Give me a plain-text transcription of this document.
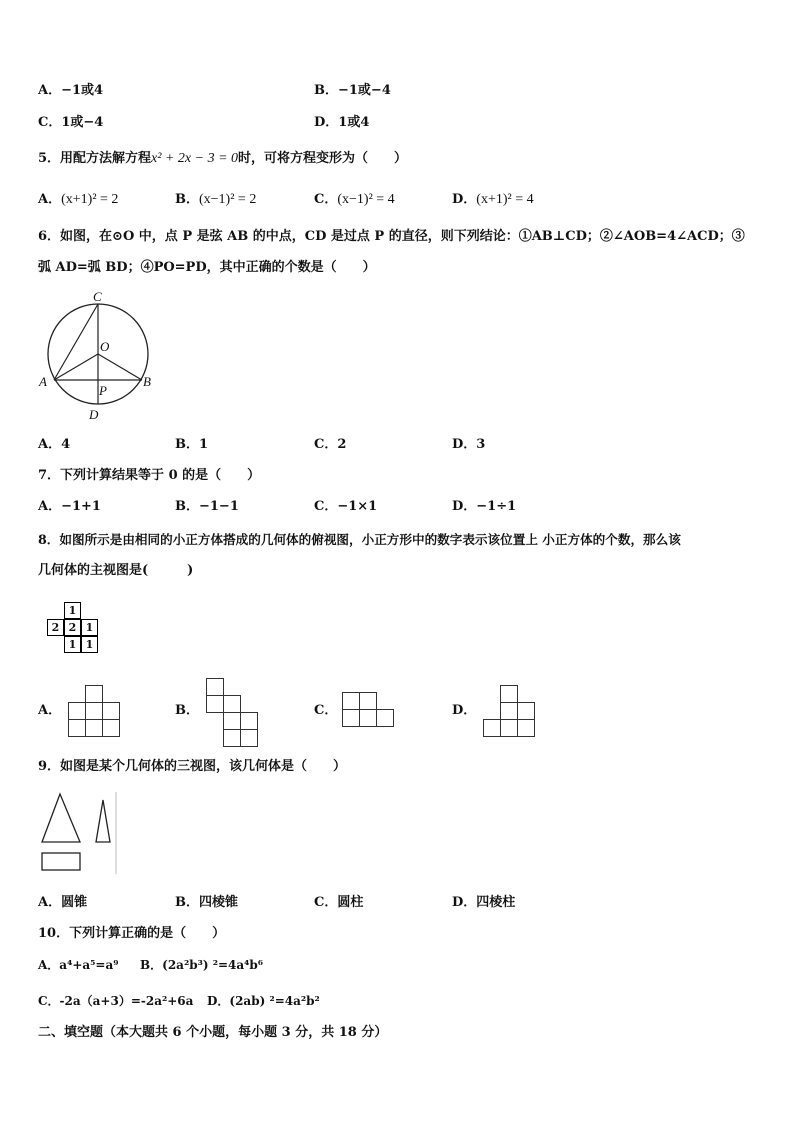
A．−1或4	B．−1或−4
C．1或−4	D．1或4
5．用配方法解方程x² + 2x − 3 = 0时，可将方程变形为（　　）
A．(x+1)² = 2	B．(x−1)² = 2	C．(x−1)² = 4	D．(x+1)² = 4
6．如图，在⊙O 中，点 P 是弦 AB 的中点，CD 是过点 P 的直径，则下列结论：①AB⊥CD；②∠AOB=4∠ACD；③
弧 AD=弧 BD；④PO=PD，其中正确的个数是（　　）
C
O
A	B
P
D
A．4	B．1	C．2	D．3
7．下列计算结果等于 0 的是（　　）
A．−1+1	B．−1−1	C．−1×1	D．−1÷1
8．如图所示是由相同的小正方体搭成的几何体的俯视图，小正方形中的数字表示该位置上 小正方体的个数，那么该
几何体的主视图是(　　　)
1
2 2 1
1 1
A．	B．	C．	D．
9．如图是某个几何体的三视图，该几何体是（　　）
A．圆锥	B．四棱锥	C．圆柱	D．四棱柱
10．下列计算正确的是（　　）
A．a⁴+a⁵=a⁹ B．(2a²b³) ²=4a⁴b⁶
C．-2a（a+3）=-2a²+6a D．(2ab) ²=4a²b²
二、填空题（本大题共 6 个小题，每小题 3 分，共 18 分）
